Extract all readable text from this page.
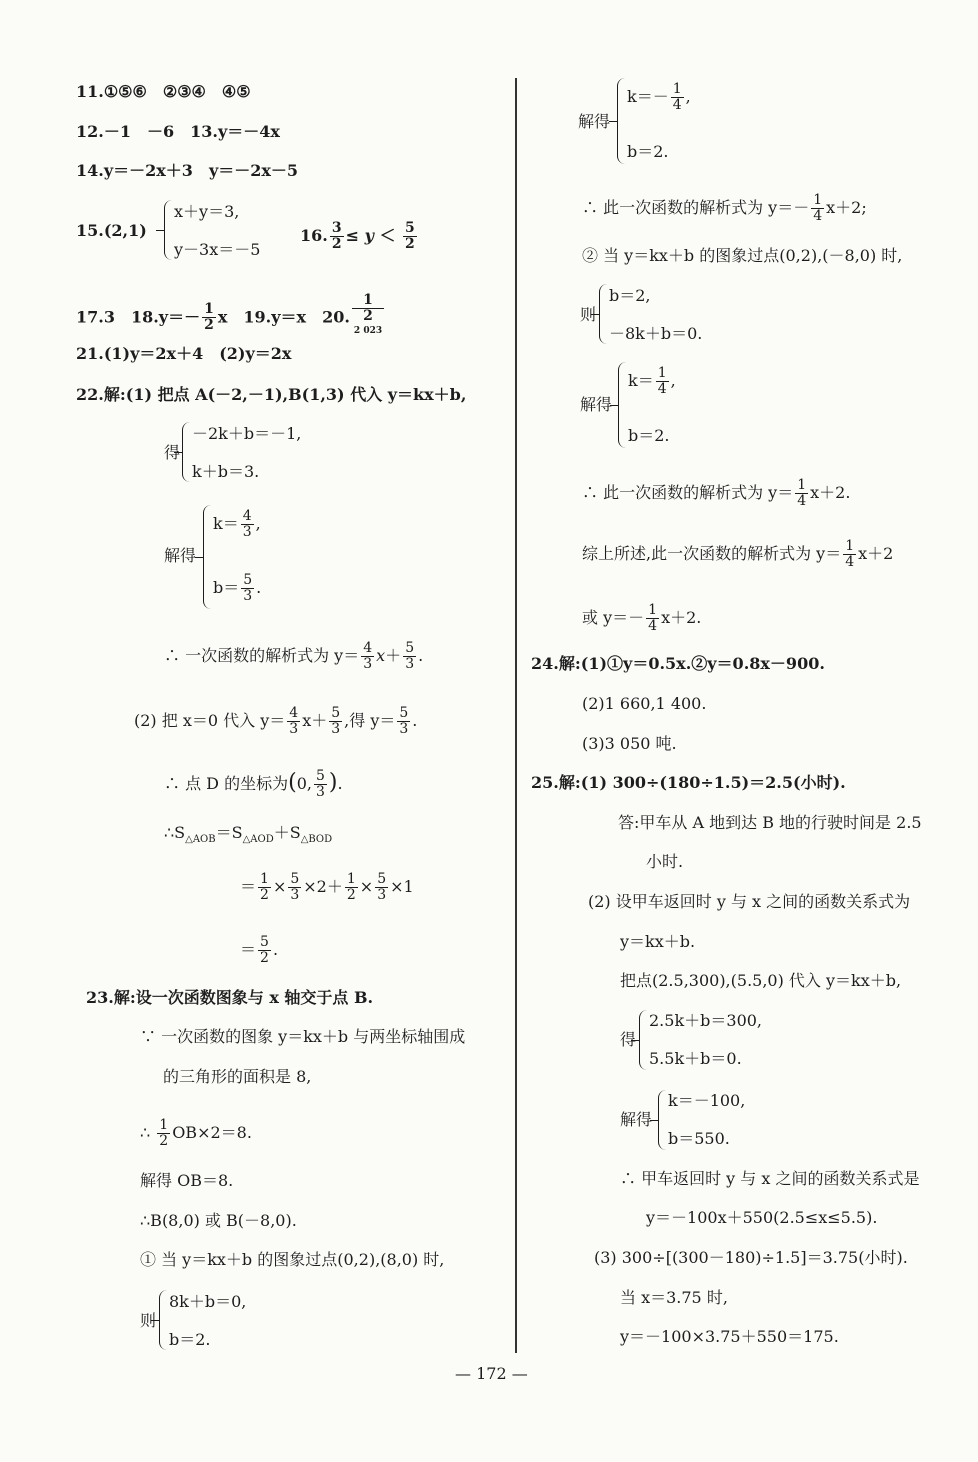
11.①⑤⑥　②③④　④⑤
12.－1　－6　13.y＝－4x
14.y＝－2x＋3　y＝－2x－5
15.(2,1)
x＋y＝3,
y－3x＝－5
16. $\frac{3}{2} \le y < \frac{5}{2}$
17.3　$18.y=- \frac{1}{2}$ x　19.y＝x　20. 1
2
$^{2 023}$
21.(1)y＝2x＋4　(2)y＝2x
22.解:(1) 把点 A(－2,－1),B(1,3) 代入 y＝kx＋b,
得
－2k＋b＝－1,
k＋b＝3.
解得
$k= \frac{4}{3}$ ,
$b= \frac{5}{3}$ .
∴ 一次函数的解析式为 $y= \frac{4}{3} x+ \frac{5}{3}$ .
(2) 把 x＝0 代入 $y= \frac{4}{3} x+ \frac{5}{3}$ ,得 $y= \frac{5}{3}$ .
∴ 点 D 的坐标为(0, $\frac{5}{3}$ ).
$\therefore S_{\triangle AOB}=S_{\triangle AOD}+S_{\triangle BOD}$
＝ $\frac{1}{2} \times \frac{5}{3} \times 2+ \frac{1}{2} \times \frac{5}{3} \times 1$
＝ $\frac{5}{2}$ .
23.解:设一次函数图象与 x 轴交于点 B.
∵ 一次函数的图象 y＝kx＋b 与两坐标轴围成
的三角形的面积是 8,
∴ $\frac{1}{2} OB\times 2=8$.
解得 OB＝8.
∴B(8,0) 或 B(－8,0).
① 当 y＝kx＋b 的图象过点(0,2),(8,0) 时,
则
8k＋b＝0,
b＝2.
解得
$k=- \frac{1}{4}$ ,
b＝2.
∴ 此一次函数的解析式为 $y=- \frac{1}{4} x+2$;
② 当 y＝kx＋b 的图象过点(0,2),(－8,0) 时,
则
b＝2,
－8k＋b＝0.
解得
$k= \frac{1}{4}$ ,
b＝2.
∴ 此一次函数的解析式为 $y= \frac{1}{4} x+2$.
综上所述,此一次函数的解析式为 $y= \frac{1}{4} x+2$
或 $y=- \frac{1}{4} x+2$.
24.解:(1)①y＝0.5x.②y＝0.8x－900.
(2)1 660,1 400.
(3)3 050 吨.
25.解:(1) 300÷(180÷1.5)＝2.5(小时).
答:甲车从 A 地到达 B 地的行驶时间是 2.5
小时.
(2) 设甲车返回时 y 与 x 之间的函数关系式为
y＝kx＋b.
把点(2.5,300),(5.5,0) 代入 y＝kx＋b,
得
2.5k＋b＝300,
5.5k＋b＝0.
解得
k＝－100,
b＝550.
∴ 甲车返回时 y 与 x 之间的函数关系式是
y＝－100x＋550(2.5≤x≤5.5).
(3) 300÷[(300－180)÷1.5]＝3.75(小时).
当 x＝3.75 时,
y＝－100×3.75＋550＝175.
— 172 —
